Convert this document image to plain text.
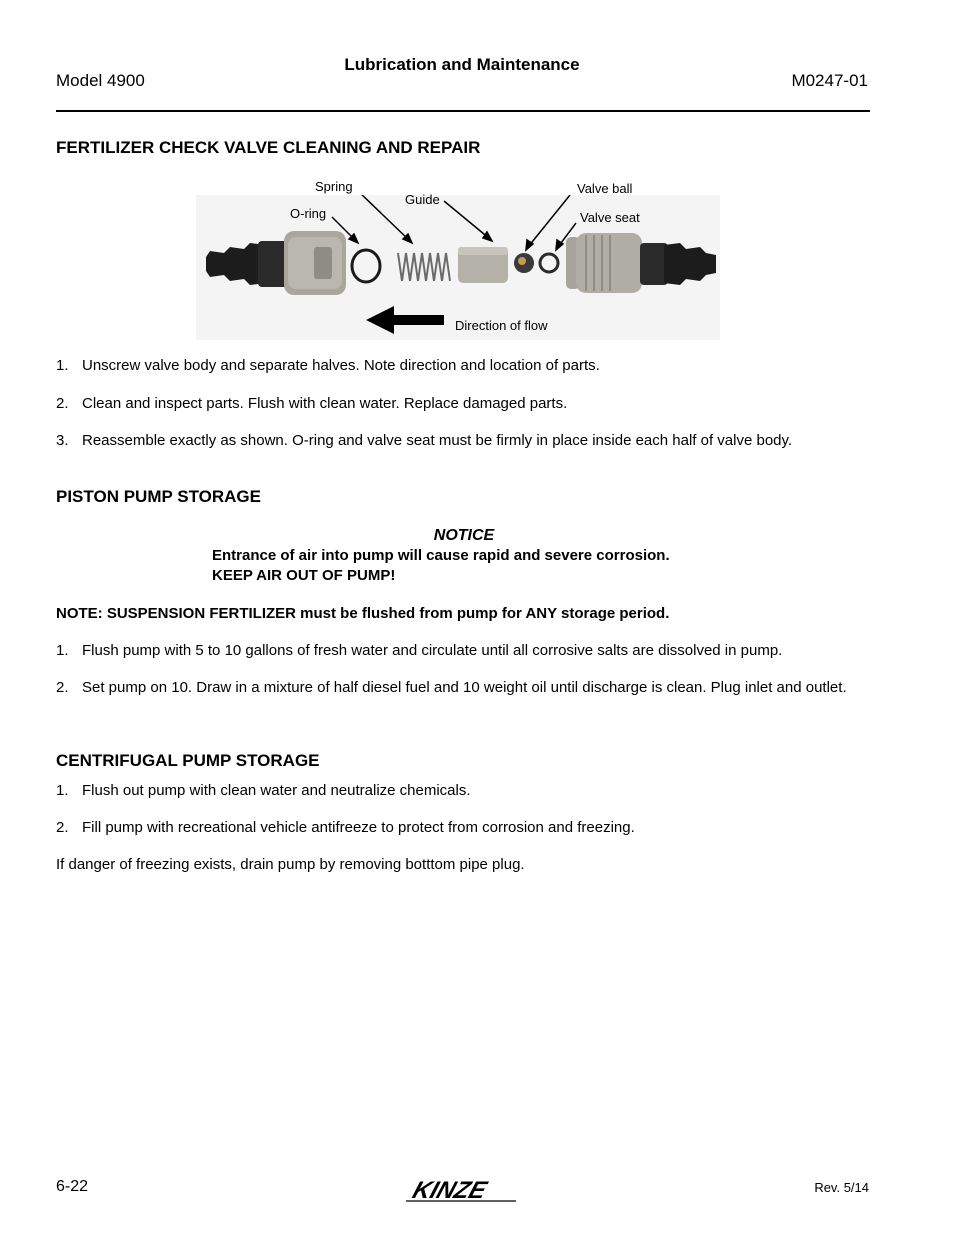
Lubrication and Maintenance
Model 4900	M0247-01
FERTILIZER CHECK VALVE CLEANING AND REPAIR
Spring
O-ring
Guide
Valve ball
Valve seat
Direction of flow
1. Unscrew valve body and separate halves. Note direction and location of parts.
2. Clean and inspect parts. Flush with clean water. Replace damaged parts.
3. Reassemble exactly as shown. O-ring and valve seat must be firmly in place inside each half of valve body.
PISTON PUMP STORAGE
NOTICE
Entrance of air into pump will cause rapid and severe corrosion.
KEEP AIR OUT OF PUMP!
NOTE: SUSPENSION FERTILIZER must be flushed from pump for ANY storage period.
1. Flush pump with 5 to 10 gallons of fresh water and circulate until all corrosive salts are dissolved in pump.
2. Set pump on 10. Draw in a mixture of half diesel fuel and 10 weight oil until discharge is clean. Plug inlet and outlet.
CENTRIFUGAL PUMP STORAGE
1. Flush out pump with clean water and neutralize chemicals.
2. Fill pump with recreational vehicle antifreeze to protect from corrosion and freezing.
If danger of freezing exists, drain pump by removing botttom pipe plug.
6-22	KINZE	Rev. 5/14
